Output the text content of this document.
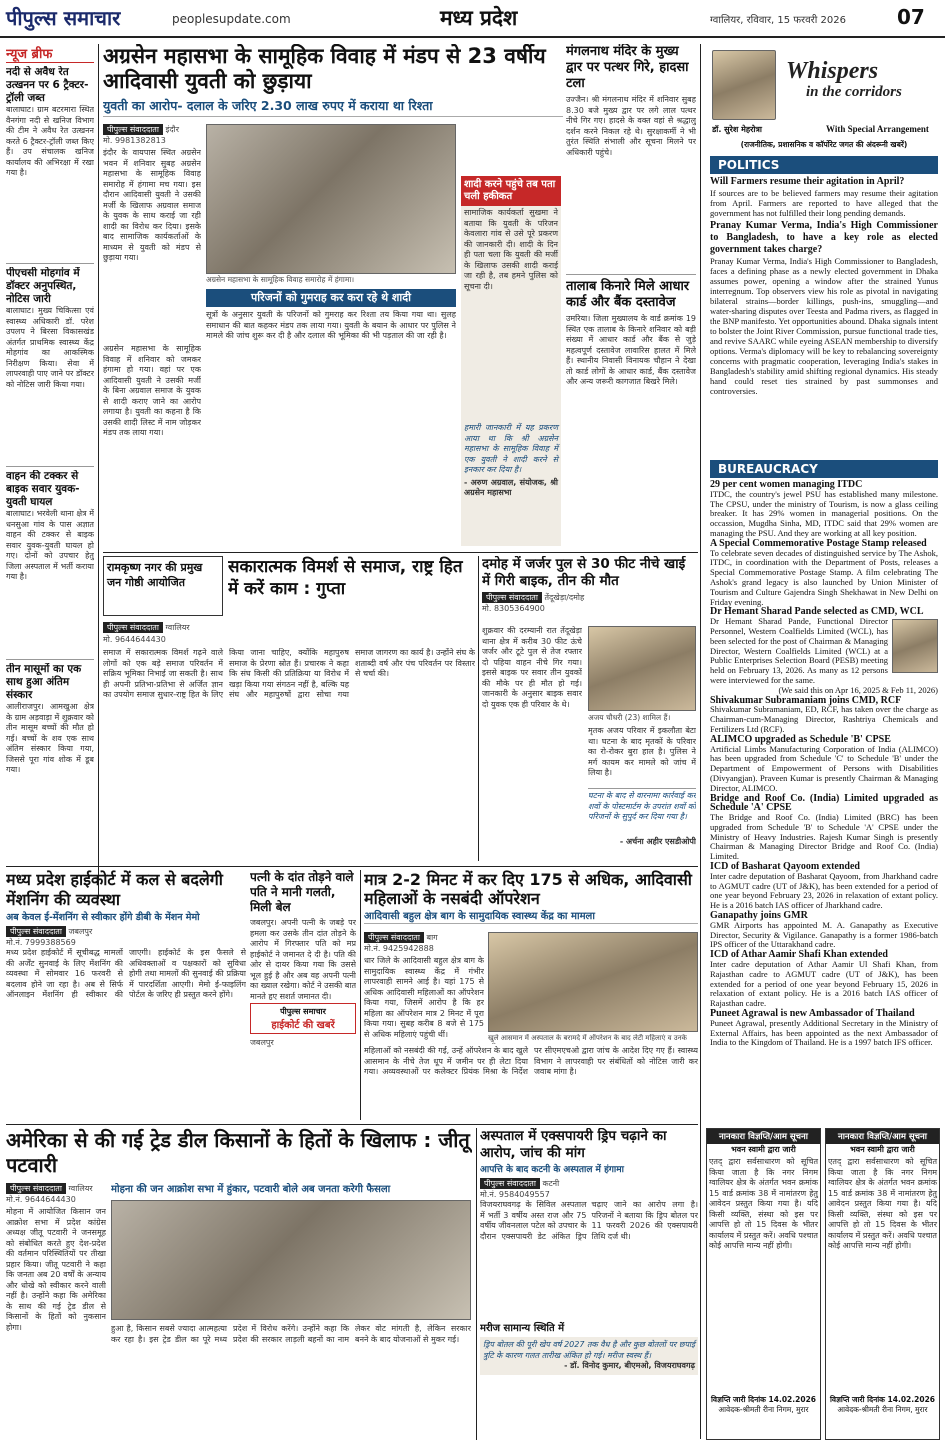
पीपुल्स समाचार	peoplesupdate.com	मध्य प्रदेश	ग्वालियर, रविवार, 15 फरवरी 2026	07
न्यूज ब्रीफ
नदी से अवैध रेत उत्खनन पर 6 ट्रैक्टर-ट्रॉली जब्त
बालाघाट। ग्राम बटरमारा स्थित वैनगंगा नदी से खनिज विभाग की टीम ने अवैध रेत उत्खनन करते 6 ट्रैक्टर-ट्रॉली जब्त किए हैं। उप संचालक खनिज कार्यालय की अभिरक्षा में रखा गया है।
पीएचसी मोहगांव में डॉक्टर अनुपस्थित, नोटिस जारी
बालाघाट। मुख्य चिकित्सा एवं स्वास्थ्य अधिकारी डॉ. परेश उपलप ने बिरसा विकासखंड अंतर्गत प्राथमिक स्वास्थ्य केंद्र मोहगांव का आकस्मिक निरीक्षण किया। सेवा में लापरवाही पाए जाने पर डॉक्टर को नोटिस जारी किया गया।
वाहन की टक्कर से बाइक सवार युवक-युवती घायल
बालाघाट। भरवेली थाना क्षेत्र में धनसुआ गांव के पास अज्ञात वाहन की टक्कर से बाइक सवार युवक-युवती घायल हो गए। दोनों को उपचार हेतु जिला अस्पताल में भर्ती कराया गया है।
तीन मासूमों का एक साथ हुआ अंतिम संस्कार
आलीराजपुर। आमखुआ क्षेत्र के ग्राम अड़वाड़ा में शुक्रवार को तीन मासूम बच्चों की मौत हो गई। बच्चों के शव एक साथ अंतिम संस्कार किया गया, जिससे पूरा गांव शोक में डूब गया।
अग्रसेन महासभा के सामूहिक विवाह में मंडप से 23 वर्षीय आदिवासी युवती को छुड़ाया
युवती का आरोप- दलाल के जरिए 2.30 लाख रुपए में कराया था रिश्ता
पीपुल्स संवाददाता इंदौर
मो. 9981382813
इंदौर के वायपास स्थित अग्रसेन भवन में शनिवार सुबह अग्रसेन महासभा के सामूहिक विवाह समारोह में हंगामा मच गया। इस दौरान आदिवासी युवती ने उसकी मर्जी के खिलाफ अग्रवाल समाज के युवक के साथ कराई जा रही शादी का विरोध कर दिया। इसके बाद सामाजिक कार्यकर्ताओं के माध्यम से युवती को मंडप से छुड़ाया गया।
अग्रसेन महासभा के सामूहिक विवाह समारोह में हंगामा।
परिजनों को गुमराह कर करा रहे थे शादी
सूत्रों के अनुसार युवती के परिजनों को गुमराह कर रिश्ता तय किया गया था। सुलह समाधान की बात कहकर मंडप तक लाया गया। युवती के बयान के आधार पर पुलिस ने मामले की जांच शुरू कर दी है और दलाल की भूमिका की भी पड़ताल की जा रही है।
अग्रसेन महासभा के सामूहिक विवाह में शनिवार को जमकर हंगामा हो गया। वहां पर एक आदिवासी युवती ने उसकी मर्जी के बिना अग्रवाल समाज के युवक से शादी कराए जाने का आरोप लगाया है। युवती का कहना है कि उसकी शादी लिस्ट में नाम जोड़कर मंडप तक लाया गया।
शादी करने पहुंचे तब पता चली हकीकत
सामाजिक कार्यकर्ता सुखमा ने बताया कि युवती के परिजन केवलारा गांव से उसे पूरे प्रकरण की जानकारी दी। शादी के दिन ही पता चला कि युवती की मर्जी के खिलाफ उसकी शादी कराई जा रही है, तब हमने पुलिस को सूचना दी।
हमारी जानकारी में यह प्रकरण आया था कि श्री अग्रसेन महासभा के सामूहिक विवाह में एक युवती ने शादी करने से इनकार कर दिया है।
- अरुण अग्रवाल, संयोजक, श्री अग्रसेन महासभा
मंगलनाथ मंदिर के मुख्य द्वार पर पत्थर गिरे, हादसा टला
उज्जैन। श्री मंगलनाथ मंदिर में शनिवार सुबह 8.30 बजे मुख्य द्वार पर लगे लाल पत्थर नीचे गिर गए। हादसे के वक्त वहां से श्रद्धालु दर्शन करने निकल रहे थे। सुरक्षाकर्मी ने भी तुरंत स्थिति संभाली और सूचना मिलने पर अधिकारी पहुंचे।
तालाब किनारे मिले आधार कार्ड और बैंक दस्तावेज
उमरिया। जिला मुख्यालय के वार्ड क्रमांक 19 स्थित एक तालाब के किनारे शनिवार को बड़ी संख्या में आधार कार्ड और बैंक से जुड़े महत्वपूर्ण दस्तावेज लावारिस हालत में मिले हैं। स्थानीय निवासी विनायक चौहान ने देखा तो कार्ड लोगों के आधार कार्ड, बैंक दस्तावेज और अन्य जरूरी कागजात बिखरे मिले।
Whispers
in the corridors
डॉ. सुरेश मेहरोत्रा	With Special Arrangement
(राजनीतिक, प्रशासनिक व कॉर्पोरेट जगत की अंदरूनी खबरें)
POLITICS
Will Farmers resume their agitation in April?
If sources are to be believed farmers may resume their agitation from April. Farmers are reported to have alleged that the government has not fulfilled their long pending demands.
Pranay Kumar Verma, India's High Commissioner to Bangladesh, to have a key role as elected government takes charge?
Pranay Kumar Verma, India's High Commissioner to Bangladesh, faces a defining phase as a newly elected government in Dhaka assumes power, opening a window after the strained Yunus interregnum. Top observers view his role as pivotal in navigating bilateral strains—border killings, push-ins, smuggling—and water-sharing disputes over Teesta and Padma rivers, as flagged in the BNP manifesto. Yet opportunities abound. Dhaka signals intent to bolster the Joint River Commission, pursue functional trade ties, and revive SAARC while eyeing ASEAN membership to diversify options. Verma's diplomacy will be key to rebalancing sovereignty concerns with pragmatic cooperation, leveraging India's stakes in Bangladesh's stability amid shifting regional dynamics. His steady hand could reset ties strained by past summonses and controversies.
BUREAUCRACY
29 per cent women managing ITDC
ITDC, the country's jewel PSU has established many milestone. The CPSU, under the ministry of Tourism, is now a glass ceiling breaker. It has 29% women in managerial positions. On the occassion, Mugdha Sinha, MD, ITDC said that 29% women are managing the PSU. And they are working at all key position.
A Special Commemorative Postage Stamp released
To celebrate seven decades of distinguished service by The Ashok, ITDC, in coordination with the Department of Posts, releases a Special Commemorative Postage Stamp. A film celebrating The Ashok's grand legacy is also launched by Union Minister of Tourism and Culture Gajendra Singh Shekhawat in New Delhi on Friday evening.
Dr Hemant Sharad Pande selected as CMD, WCL
Dr Hemant Sharad Pande, Functional Director Personnel, Western Coalfields Limited (WCL), has been selected for the post of Chairman & Managing Director, Western Coalfields Limited (WCL) at a Public Enterprises Selection Board (PESB) meeting held on February 13, 2026. As many as 12 persons were interviewed for the same.
(We said this on Apr 16, 2025 & Feb 11, 2026)
Shivakumar Subramaniam joins CMD, RCF
Shivakumar Subramaniam, ED, RCF, has taken over the charge as Chairman-cum-Managing Director, Rashtriya Chemicals and Fertilizers Ltd (RCF).
ALIMCO upgraded as Schedule 'B' CPSE
Artificial Limbs Manufacturing Corporation of India (ALIMCO) has been upgraded from Schedule 'C' to Schedule 'B' under the Department of Empowerment of Persons with Disabilities (Divyangjan). Praveen Kumar is presently Chairman & Managing Director, ALIMCO.
Bridge and Roof Co. (India) Limited upgraded as Schedule 'A' CPSE
The Bridge and Roof Co. (India) Limited (BRC) has been upgraded from Schedule 'B' to Schedule 'A' CPSE under the Ministry of Heavy Industries. Rajesh Kumar Singh is presently Chairman & Managing Director Bridge and Roof Co. (India) Limited.
ICD of Basharat Qayoom extended
Inter cadre deputation of Basharat Qayoom, from Jharkhand cadre to AGMUT cadre (UT of J&K), has been extended for a period of one year beyond February 23, 2026 in relaxation of extant policy. He is a 2016 batch IAS officer of Jharkhand cadre.
Ganapathy joins GMR
GMR Airports has appointed M. A. Ganapathy as Executive Director, Security & Vigilance. Ganapathy is a former 1986-batch IPS officer of the Uttarakhand cadre.
ICD of Athar Aamir Shafi Khan extended
Inter cadre deputation of Athar Aamir Ul Shafi Khan, from Rajasthan cadre to AGMUT cadre (UT of J&K), has been extended for a period of one year beyond February 15, 2026 in relaxation of extant policy. He is a 2016 batch IAS officer of Rajasthan cadre.
Puneet Agrawal is new Ambassador of Thailand
Puneet Agrawal, presently Additional Secretary in the Ministry of External Affairs, has been appointed as the next Ambassador of India to the Kingdom of Thailand. He is a 1997 batch IFS officer.
रामकृष्ण नगर की प्रमुख जन गोष्ठी आयोजित
सकारात्मक विमर्श से समाज, राष्ट्र हित में करें काम : गुप्ता
पीपुल्स संवाददाता ग्वालियर
मो. 9644644430
समाज में सकारात्मक विमर्श गढ़ने वाले लोगों को एक बड़े समाज परिवर्तन में सक्रिय भूमिका निभाई जा सकती है। साथ ही अपनी प्रतिभा-प्रतिभा से अर्जित ज्ञान का उपयोग समाज सुधार-राष्ट्र हित के लिए किया जाना चाहिए, क्योंकि महापुरुष समाज के प्रेरणा स्रोत हैं। प्रचारक ने कहा कि संघ किसी की प्रतिक्रिया या विरोध में खड़ा किया गया संगठन नहीं है, बल्कि यह संघ और महापुरुषों द्वारा सोचा गया समाज जागरण का कार्य है। उन्होंने संघ के शताब्दी वर्ष और पंच परिवर्तन पर विस्तार से चर्चा की।
दमोह में जर्जर पुल से 30 फीट नीचे खाई में गिरी बाइक, तीन की मौत
पीपुल्स संवाददाता तेंदूखेड़ा/दमोह
मो. 8305364900
शुक्रवार की दरम्यानी रात तेंदूखेड़ा थाना क्षेत्र में करीब 30 फीट ऊंचे जर्जर और टूटे पुल से तेज रफ्तार दो पहिया वाहन नीचे गिर गया। इससे बाइक पर सवार तीन युवकों की मौके पर ही मौत हो गई। जानकारी के अनुसार बाइक सवार दो युवक एक ही परिवार के थे।
अजय चौधरी (23) शामिल हैं।
मृतक अजय परिवार में इकलौता बेटा था। घटना के बाद मृतकों के परिवार का रो-रोकर बुरा हाल है। पुलिस ने मर्ग कायम कर मामले को जांच में लिया है।
घटना के बाद से वारनामा कार्रवाई कर शवों के पोस्टमार्टम के उपरांत शवों को परिजनों के सुपुर्द कर दिया गया है।
- अर्चना अहीर एसडीओपी
मध्य प्रदेश हाईकोर्ट में कल से बदलेगी मेंशनिंग की व्यवस्था
अब केवल ई-मेंशनिंग से स्वीकार होंगे डीबी के मेंशन मेमो
पीपुल्स संवाददाता जबलपुर
मो.नं. 7999388569
मध्य प्रदेश हाईकोर्ट में सूचीबद्ध मामलों की अर्जेंट सुनवाई के लिए मेंशनिंग की व्यवस्था में सोमवार 16 फरवरी से बदलाव होने जा रहा है। अब से सिर्फ ऑनलाइन मेंशनिंग ही स्वीकार की जाएगी। हाईकोर्ट के इस फैसले से अधिवक्ताओं व पक्षकारों को सुविधा होगी तथा मामलों की सुनवाई की प्रक्रिया में पारदर्शिता आएगी। मेमो ई-फाइलिंग पोर्टल के जरिए ही प्रस्तुत करने होंगे।
पत्नी के दांत तोड़ने वाले पति ने मानी गलती, मिली बेल
जबलपुर। अपनी पत्नी के जबड़े पर हमला कर उसके तीन दांत तोड़ने के आरोप में गिरफ्तार पति को मप्र हाईकोर्ट ने जमानत दे दी है। पति की ओर से दायर किया गया कि उससे भूल हुई है और अब वह अपनी पत्नी का ख्याल रखेगा। कोर्ट ने उसकी बात मानते हुए सशर्त जमानत दी।
पीपुल्स समाचार
हाईकोर्ट की खबरें
जबलपुर
मात्र 2-2 मिनट में कर दिए 175 से अधिक, आदिवासी महिलाओं के नसबंदी ऑपरेशन
आदिवासी बहुल क्षेत्र बाग के सामुदायिक स्वास्थ्य केंद्र का मामला
पीपुल्स संवाददाता बाग
मो.नं. 9425942888
धार जिले के आदिवासी बहुल क्षेत्र बाग के सामुदायिक स्वास्थ्य केंद्र में गंभीर लापरवाही सामने आई है। यहां 175 से अधिक आदिवासी महिलाओं का ऑपरेशन किया गया, जिसमें आरोप है कि हर महिला का ऑपरेशन मात्र 2 मिनट में पूरा किया गया। सुबह करीब 8 बजे से 175 से अधिक महिलाएं पहुंची थीं।	खुले आसमान में अस्पताल के बरामदे में ऑपरेशन के बाद लेटी महिलाएं व उनके
महिलाओं को नसबंदी की गई, उन्हें ऑपरेशन के बाद खुले आसमान के नीचे तेज धूप में जमीन पर ही लेटा दिया गया। अव्यवस्थाओं पर कलेक्टर प्रियंक मिश्रा के निर्देश पर सीएमएचओ द्वारा जांच के आदेश दिए गए हैं। स्वास्थ्य विभाग ने लापरवाही पर संबंधितों को नोटिस जारी कर जवाब मांगा है।
अमेरिका से की गई ट्रेड डील किसानों के हितों के खिलाफ : जीतू पटवारी
पीपुल्स संवाददाता ग्वालियर
मो.नं. 9644644430
मोहना में आयोजित किसान जन आक्रोश सभा में प्रदेश कांग्रेस अध्यक्ष जीतू पटवारी ने जनसमूह को संबोधित करते हुए देश-प्रदेश की वर्तमान परिस्थितियों पर तीखा प्रहार किया। जीतू पटवारी ने कहा कि जनता अब 20 वर्षों के अन्याय और धोखे को स्वीकार करने वाली नहीं है। उन्होंने कहा कि अमेरिका के साथ की गई ट्रेड डील से किसानों के हितों को नुकसान होगा।
मोहना की जन आक्रोश सभा में हुंकार, पटवारी बोले अब जनता करेगी फैसला
हुआ है, किसान सबसे ज्यादा आत्महत्या कर रहा है। इस ट्रेड डील का पूरे मध्य प्रदेश में विरोध करेंगे। उन्होंने कहा कि प्रदेश की सरकार लाड़ली बहनों का नाम लेकर वोट मांगती है, लेकिन सरकार बनने के बाद योजनाओं से मुकर गई।
अस्पताल में एक्सपायरी ड्रिप चढ़ाने का आरोप, जांच की मांग
आपत्ति के बाद कटनी के अस्पताल में हंगामा
पीपुल्स संवाददाता कटनी
मो.नं. 9584049557
विजयराघवगढ़ के सिविल अस्पताल में भर्ती 3 वर्षीय अस्त राज और 75 वर्षीय जीवनलाल पटेल को उपचार के दौरान एक्सपायरी डेट अंकित ड्रिप चढ़ाए जाने का आरोप लगा है। परिजनों ने बताया कि ड्रिप बोतल पर 11 फरवरी 2026 की एक्सपायरी तिथि दर्ज थी।
मरीज सामान्य स्थिति में
ड्रिप बोतल की पूरी खेप वर्ष 2027 तक वैध है और कुछ बोतलों पर छपाई त्रुटि के कारण गलत तारीख अंकित हो गई। मरीज स्वस्थ हैं।
- डॉ. विनोद कुमार, बीएमओ, विजयराघवगढ़
नानकारा विज्ञप्ति/आम सूचना
भवन स्वामी द्वारा जारी
एतद् द्वारा सर्वसाधारण को सूचित किया जाता है कि नगर निगम ग्वालियर क्षेत्र के अंतर्गत भवन क्रमांक 15 वार्ड क्रमांक 38 में नामांतरण हेतु आवेदन प्रस्तुत किया गया है। यदि किसी व्यक्ति, संस्था को इस पर आपत्ति हो तो 15 दिवस के भीतर कार्यालय में प्रस्तुत करें। अवधि पश्चात कोई आपत्ति मान्य नहीं होगी।
विज्ञप्ति जारी दिनांक 14.02.2026
आवेदक-श्रीमती रीना निगम, मुरार
नानकारा विज्ञप्ति/आम सूचना
भवन स्वामी द्वारा जारी
एतद् द्वारा सर्वसाधारण को सूचित किया जाता है कि नगर निगम ग्वालियर क्षेत्र के अंतर्गत भवन क्रमांक 15 वार्ड क्रमांक 38 में नामांतरण हेतु आवेदन प्रस्तुत किया गया है। यदि किसी व्यक्ति, संस्था को इस पर आपत्ति हो तो 15 दिवस के भीतर कार्यालय में प्रस्तुत करें। अवधि पश्चात कोई आपत्ति मान्य नहीं होगी।
विज्ञप्ति जारी दिनांक 14.02.2026
आवेदक-श्रीमती रीना निगम, मुरार
